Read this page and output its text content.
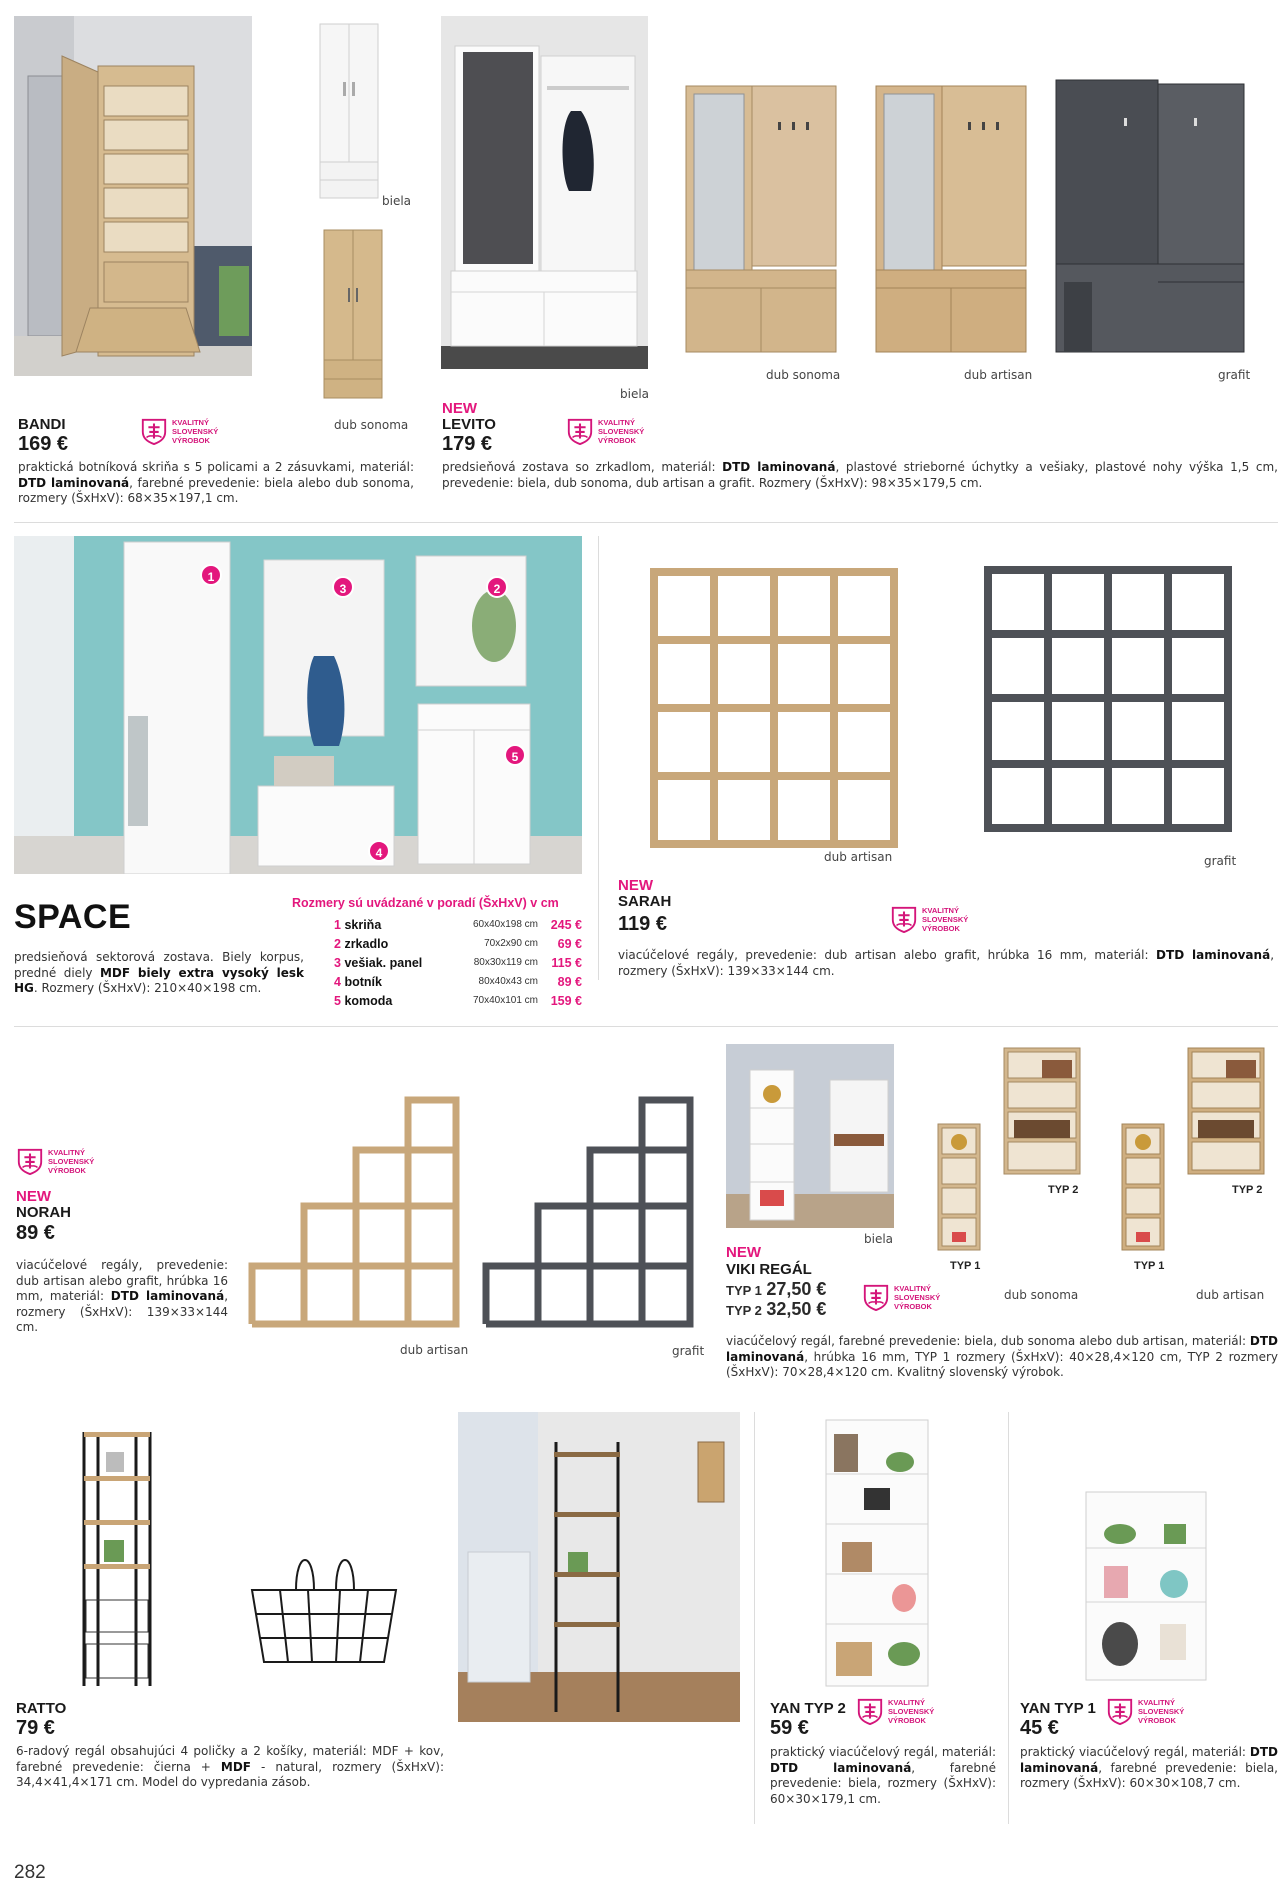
biela
dub sonoma
BANDI
169 €
KVALITNÝ
SLOVENSKÝ
VÝROBOK
praktická botníková skriňa s 5 policami a 2 zásuvkami, materiál: DTD laminovaná, farebné prevedenie: biela alebo dub sonoma, rozmery (ŠxHxV): 68×35×197,1 cm.
biela
dub sonoma	dub artisan	grafit
NEW
LEVITO
179 €
KVALITNÝ
SLOVENSKÝ
VÝROBOK
predsieňová zostava so zrkadlom, materiál: DTD laminovaná, plastové strieborné úchytky a vešiaky, plastové nohy výška 1,5 cm, prevedenie: biela, dub sonoma, dub artisan a grafit. Rozmery (ŠxHxV): 98×35×179,5 cm.
1
3	2
5
4
SPACE
predsieňová sektorová zostava. Biely korpus, predné diely MDF biely extra vysoký lesk HG. Rozmery (ŠxHxV): 210×40×198 cm.
Rozmery sú uvádzané v poradí (ŠxHxV) v cm
1 skriňa	60x40x198 cm 245 €
2 zrkadlo	70x2x90 cm 69 €
3 vešiak. panel	80x30x119 cm 115 €
4 botník	80x40x43 cm 89 €
5 komoda	70x40x101 cm 159 €
dub artisan	grafit
NEW
SARAH
119 €
KVALITNÝ
SLOVENSKÝ
VÝROBOK
viacúčelové regály, prevedenie: dub artisan alebo grafit, hrúbka 16 mm, materiál: DTD laminovaná, rozmery (ŠxHxV): 139×33×144 cm.
KVALITNÝ
SLOVENSKÝ
VÝROBOK
NEW
NORAH
89 €
viacúčelové regály, prevedenie: dub artisan alebo grafit, hrúbka 16 mm, materiál: DTD laminovaná, rozmery (ŠxHxV): 139×33×144 cm.
dub artisan	grafit
biela
TYP 1
TYP 2
dub sonoma
TYP 1
TYP 2
dub artisan
NEW
VIKI REGÁL
TYP 1 27,50 €
TYP 2 32,50 €
KVALITNÝ
SLOVENSKÝ
VÝROBOK
viacúčelový regál, farebné prevedenie: biela, dub sonoma alebo dub artisan, materiál: DTD laminovaná, hrúbka 16 mm, TYP 1 rozmery (ŠxHxV): 40×28,4×120 cm, TYP 2 rozmery (ŠxHxV): 70×28,4×120 cm. Kvalitný slovenský výrobok.
RATTO
79 €
6-radový regál obsahujúci 4 poličky a 2 košíky, materiál: MDF + kov, farebné prevedenie: čierna + MDF - natural, rozmery (ŠxHxV): 34,4×41,4×171 cm. Model do vypredania zásob.
YAN TYP 2
59 €
KVALITNÝ
SLOVENSKÝ
VÝROBOK
praktický viacúčelový regál, materiál: DTD laminovaná, farebné prevedenie: biela, rozmery (ŠxHxV): 60×30×179,1 cm.
YAN TYP 1
45 €
KVALITNÝ
SLOVENSKÝ
VÝROBOK
praktický viacúčelový regál, materiál: DTD laminovaná, farebné prevedenie: biela, rozmery (ŠxHxV): 60×30×108,7 cm.
282
